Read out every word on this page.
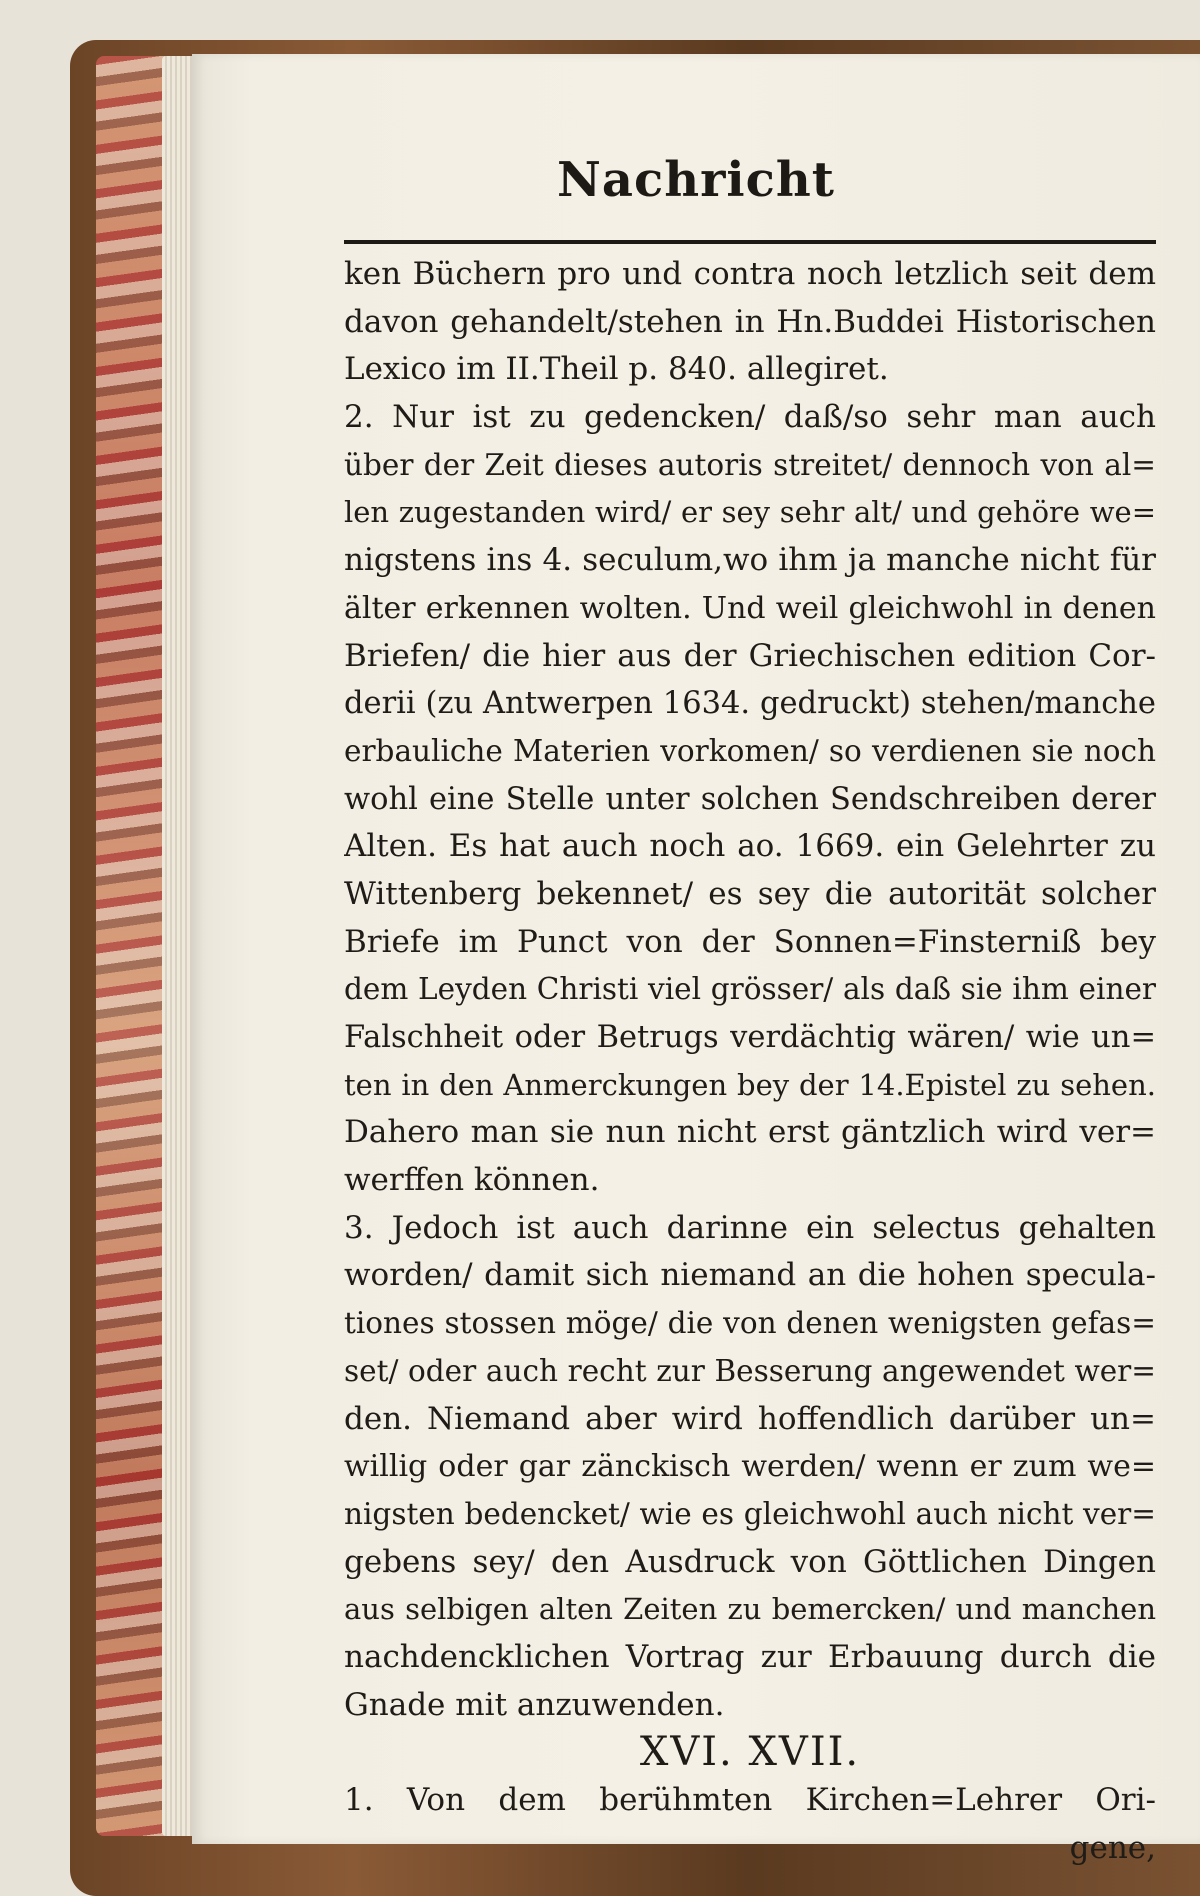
Nachricht
ken Büchern pro und contra noch letzlich seit dem
davon gehandelt/stehen in Hn.Buddei Historischen
Lexico im II.Theil p. 840. allegiret.
2. Nur ist zu gedencken/ daß/so sehr man auch
über der Zeit dieses autoris streitet/ dennoch von al=
len zugestanden wird/ er sey sehr alt/ und gehöre we=
nigstens ins 4. seculum,wo ihm ja manche nicht für
älter erkennen wolten. Und weil gleichwohl in denen
Briefen/ die hier aus der Griechischen edition Cor-
derii (zu Antwerpen 1634. gedruckt) stehen/manche
erbauliche Materien vorkomen/ so verdienen sie noch
wohl eine Stelle unter solchen Sendschreiben derer
Alten. Es hat auch noch ao. 1669. ein Gelehrter zu
Wittenberg bekennet/ es sey die autorität solcher
Briefe im Punct von der Sonnen=Finsterniß bey
dem Leyden Christi viel grösser/ als daß sie ihm einer
Falschheit oder Betrugs verdächtig wären/ wie un=
ten in den Anmerckungen bey der 14.Epistel zu sehen.
Dahero man sie nun nicht erst gäntzlich wird ver=
werffen können.
3. Jedoch ist auch darinne ein selectus gehalten
worden/ damit sich niemand an die hohen specula-
tiones stossen möge/ die von denen wenigsten gefas=
set/ oder auch recht zur Besserung angewendet wer=
den. Niemand aber wird hoffendlich darüber un=
willig oder gar zänckisch werden/ wenn er zum we=
nigsten bedencket/ wie es gleichwohl auch nicht ver=
gebens sey/ den Ausdruck von Göttlichen Dingen
aus selbigen alten Zeiten zu bemercken/ und manchen
nachdencklichen Vortrag zur Erbauung durch die
Gnade mit anzuwenden.
XVI. XVII.
1. Von dem berühmten Kirchen=Lehrer Ori-
gene,
